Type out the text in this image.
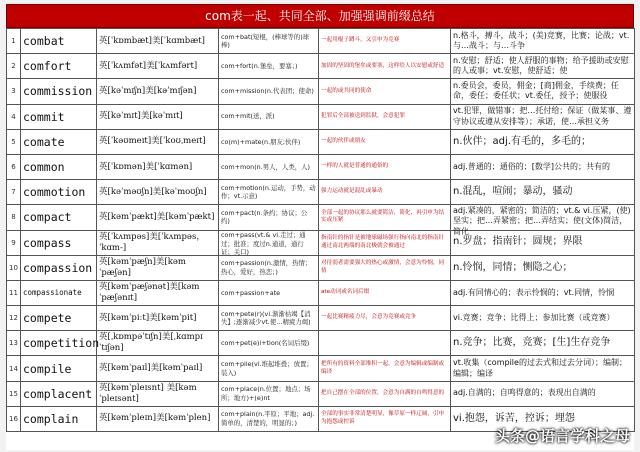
com表一起、共同全部、加强强调前缀总结
1	combat	英[ˈkɒmbæt]美[ˈkɑmbæt]	com+bat(短棍，(棒球等的)球棒)	一起用棍子蹲斗，又引申为竞赛	n.格斗，搏斗，战斗；(美)竞赛，比赛；论战；vt.与…战斗；与…斗争

2	comfort	英[ˈkʌmfət]美[ˈkʌmfərt]	com+fort(n.堡垒，要塞；)	加固的坚固的堡垒或要塞，这样给人以安慰或舒适	n.安慰；舒适；使人舒服的事物；给予援助或安慰的人或事；vt.安慰，使舒适；使

3	commission	英[kəˈmɪʃn]美[kəˈmɪʃən]	com+mission(n.代表团；使命)	一起的或共同的使命	n.委员会，委员，佣金；[商]佣金，手续费；任命，委任；委任状；vt.委任，授予；使服役

4	commit	英[kəˈmɪt]美[kəˈmɪt]	com+mit(送，派)	犯罪后全部被送到监狱，会意犯罪	vt.犯罪，做错事；把…托付给；保证（做某事、遵守协议或遵从安排等）；承诺，使…承担义务

5	comate	英[ˈkəʊmeɪt]美[ˈkoʊˌmeɪt]	co(m)+mate(n.朋友;伙伴)	一起的伙伴或朋友	n.伙伴；adj.有毛的，多毛的；

6	common	英[ˈkɒmən]美[ˈkɑmən]	com+mon(n.男人，人类，人)	一样的人就是普通的通俗的	adj.普通的；通俗的；[数学]公共的；共有的

7	commotion	英[kəˈməʊʃn]美[kəˈmoʊʃn]	com+motion(n.运动，手势，动作；vt.示意)	强力运动就是混乱或暴动	n.混乱，喧闹；暴动，骚动

8	compact	英[kəmˈpækt]美[kəmˈpækt]	com+pact(n.条约；协议；公约)	全部一起的协议那么就要简洁，简化，再引申为结实或压紧	adj.紧凑的，紧密的；简洁的；vt.& vi.压紧，(使)坚实；把…弄紧密；把…弄结实；使(文体)简洁，简化

9	compass	英[ˈkʌmpəs]美[ˈkʌmpəs，ˈkɑm-]	com+pass(vt.& vi.走过；通过；批准；度过n.通道，通行证；关口)	指南针的指针是被地球磁场强行指向南北的指南针通过南北两端的南北极就会被通过	n.罗盘；指南针；圆规；界限

10	compassion	英[kəmˈpæʃn]美[kəmˈpæʃən]	com+passion(n.激情，热情；热心，爱好，热恋；)	对待弱者需要强大的热心或激情，会意为怜悯，同情	n.怜悯，同情；恻隐之心；

11	compassionate	英[kəmˈpæʃənət]美[kəmˈpæʃənɪt]	com+passion+ate	ate动词或名词后缀	adj.有同情心的；表示怜悯的；vt.同情，怜悯

12	compete	英[kəmˈpiːt]美[kəmˈpit]	com+pete(r)(vi.渐渐枯竭【消失】;逐渐减少vt.使…精疲力竭)	一起比赛精疲力尽，会意为竞赛或竞争	vi.竞赛；竞争；比得上；参加比赛（或竞赛）

13	competition	英[ˌkɒmpəˈtɪʃn]美[ˌkɑmpɪˈtɪʃən]	com+pet(e)i+tion(名词后缀)		n.竞争；比赛，竞赛；[生]生存竞争

14	compile	英[kəmˈpaɪl]美[kəmˈpaɪl]	com+pile(vi.堆起堆叠；放置；装入)	把所有的资料全部堆积一起，会意为编辑或编制或编译	vt.收集（compile的过去式和过去分词）；编制；编辑；编译

15	complacent	英[kəmˈpleɪsnt] 美[kəmˈpleɪsənt]	com+place(n.位置；地点；场所；地方)+(e)nt	把自己摆在全部的位置，会意为自满的自鸣得意的	adj.自满的；自鸣得意的；表现出自满的

16	complain	英[kəmˈpleɪn]美[kəmˈplen]	com+plain(n.平原；平地；adj.简单的，清楚的，明显的；)	全部的事实非常清楚明显，像草原一样辽阔，引申为抱怨或控诉	vi.抱怨，诉苦，控诉；埋怨
头条@语言学科之母
